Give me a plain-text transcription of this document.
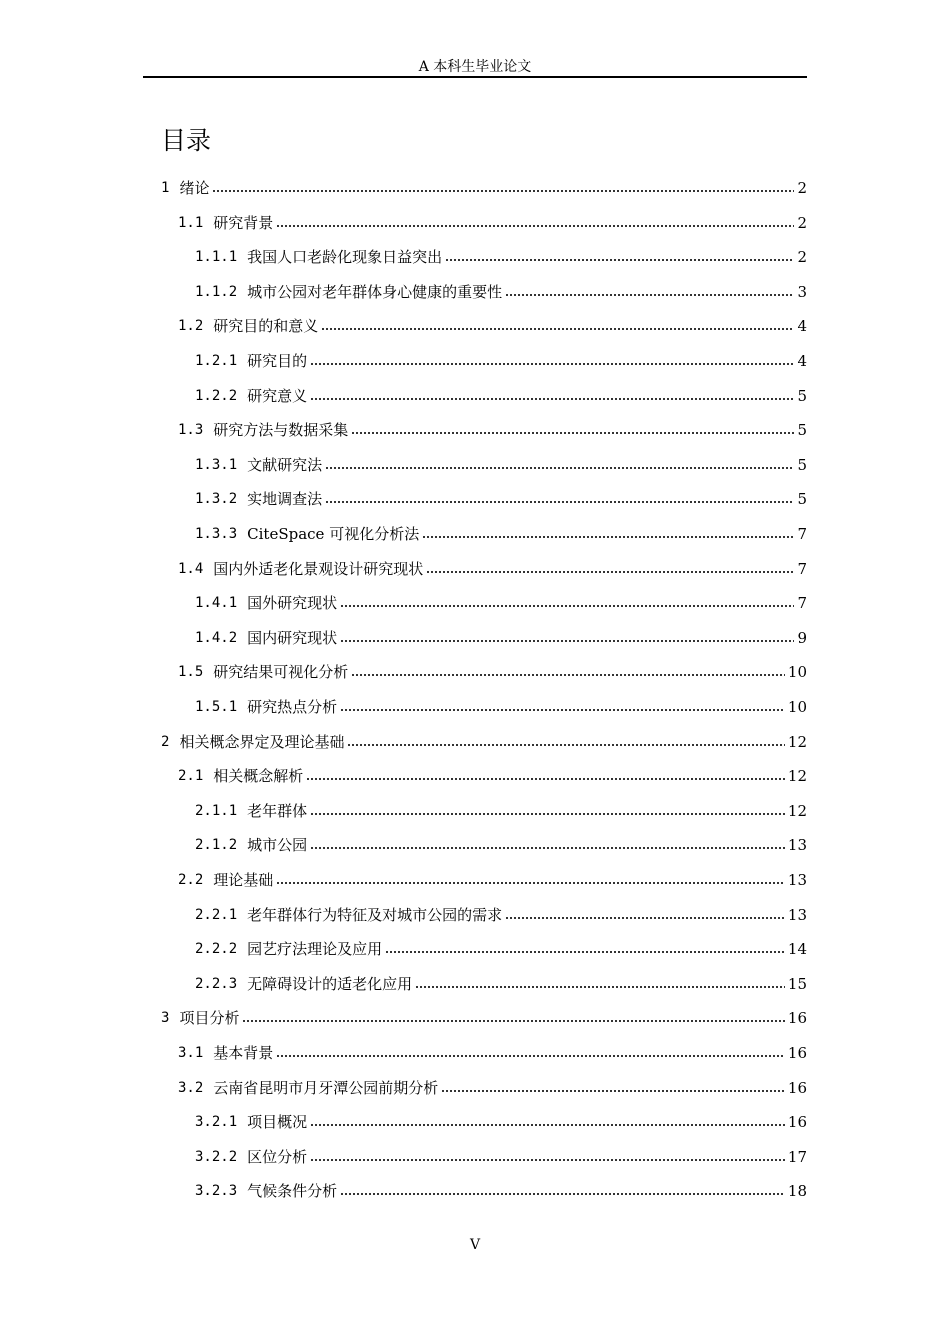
A 本科生毕业论文
目录
1 绪论	2
1.1 研究背景	2
1.1.1 我国人口老龄化现象日益突出	2
1.1.2 城市公园对老年群体身心健康的重要性	3
1.2 研究目的和意义	4
1.2.1 研究目的	4
1.2.2 研究意义	5
1.3 研究方法与数据采集	5
1.3.1 文献研究法	5
1.3.2 实地调查法	5
1.3.3 CiteSpace 可视化分析法	7
1.4 国内外适老化景观设计研究现状	7
1.4.1 国外研究现状	7
1.4.2 国内研究现状	9
1.5 研究结果可视化分析	10
1.5.1 研究热点分析	10
2 相关概念界定及理论基础	12
2.1 相关概念解析	12
2.1.1 老年群体	12
2.1.2 城市公园	13
2.2 理论基础	13
2.2.1 老年群体行为特征及对城市公园的需求	13
2.2.2 园艺疗法理论及应用	14
2.2.3 无障碍设计的适老化应用	15
3 项目分析	16
3.1 基本背景	16
3.2 云南省昆明市月牙潭公园前期分析	16
3.2.1 项目概况	16
3.2.2 区位分析	17
3.2.3 气候条件分析	18
V
